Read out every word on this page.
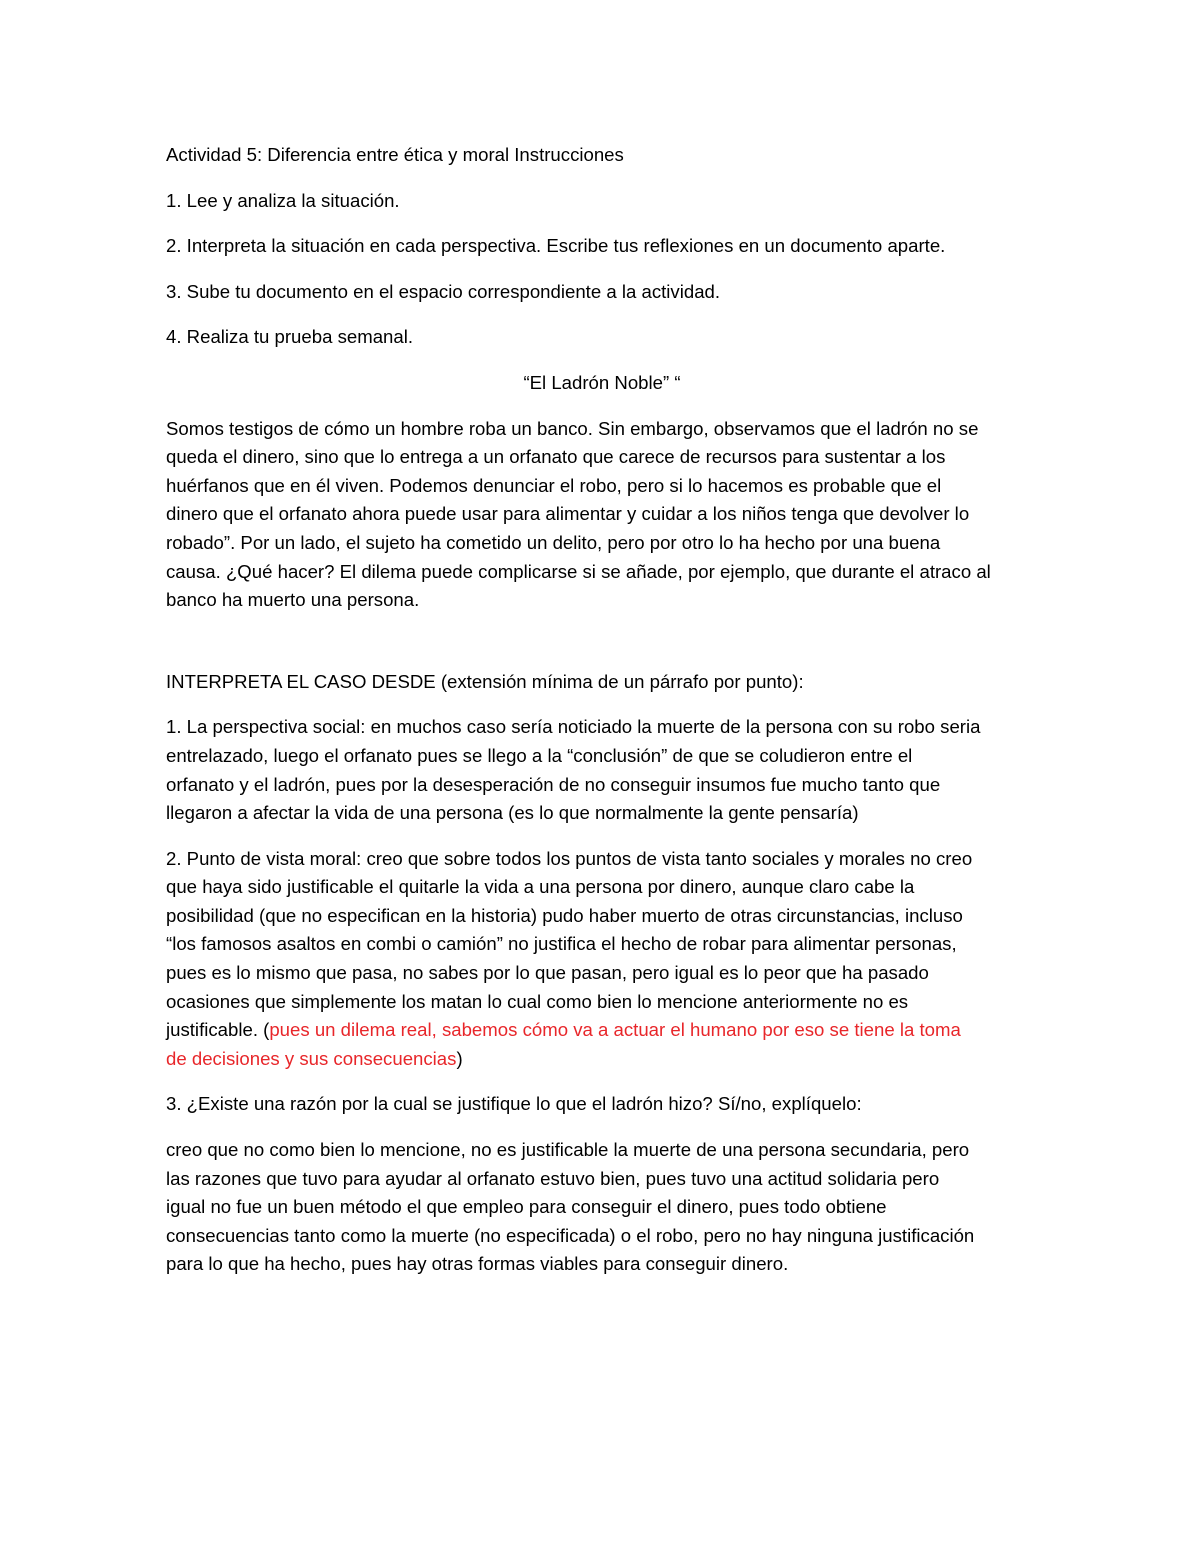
Actividad 5: Diferencia entre ética y moral Instrucciones
1. Lee y analiza la situación.
2. Interpreta la situación en cada perspectiva. Escribe tus reflexiones en un documento aparte.
3. Sube tu documento en el espacio correspondiente a la actividad.
4. Realiza tu prueba semanal.
“El Ladrón Noble” “
Somos testigos de cómo un hombre roba un banco. Sin embargo, observamos que el ladrón no se
queda el dinero, sino que lo entrega a un orfanato que carece de recursos para sustentar a los
huérfanos que en él viven. Podemos denunciar el robo, pero si lo hacemos es probable que el
dinero que el orfanato ahora puede usar para alimentar y cuidar a los niños tenga que devolver lo
robado”. Por un lado, el sujeto ha cometido un delito, pero por otro lo ha hecho por una buena
causa. ¿Qué hacer? El dilema puede complicarse si se añade, por ejemplo, que durante el atraco al
banco ha muerto una persona.
INTERPRETA EL CASO DESDE (extensión mínima de un párrafo por punto):
1. La perspectiva social: en muchos caso sería noticiado la muerte de la persona con su robo seria
entrelazado, luego el orfanato pues se llego a la “conclusión” de que se coludieron entre el
orfanato y el ladrón, pues por la desesperación de no conseguir insumos fue mucho tanto que
llegaron a afectar la vida de una persona (es lo que normalmente la gente pensaría)
2. Punto de vista moral: creo que sobre todos los puntos de vista tanto sociales y morales no creo
que haya sido justificable el quitarle la vida a una persona por dinero, aunque claro cabe la
posibilidad (que no especifican en la historia) pudo haber muerto de otras circunstancias, incluso
“los famosos asaltos en combi o camión” no justifica el hecho de robar para alimentar personas,
pues es lo mismo que pasa, no sabes por lo que pasan, pero igual es lo peor que ha pasado
ocasiones que simplemente los matan lo cual como bien lo mencione anteriormente no es
justificable. (pues un dilema real, sabemos cómo va a actuar el humano por eso se tiene la toma
de decisiones y sus consecuencias)
3. ¿Existe una razón por la cual se justifique lo que el ladrón hizo? Sí/no, explíquelo:
creo que no como bien lo mencione, no es justificable la muerte de una persona secundaria, pero
las razones que tuvo para ayudar al orfanato estuvo bien, pues tuvo una actitud solidaria pero
igual no fue un buen método el que empleo para conseguir el dinero, pues todo obtiene
consecuencias tanto como la muerte (no especificada) o el robo, pero no hay ninguna justificación
para lo que ha hecho, pues hay otras formas viables para conseguir dinero.
